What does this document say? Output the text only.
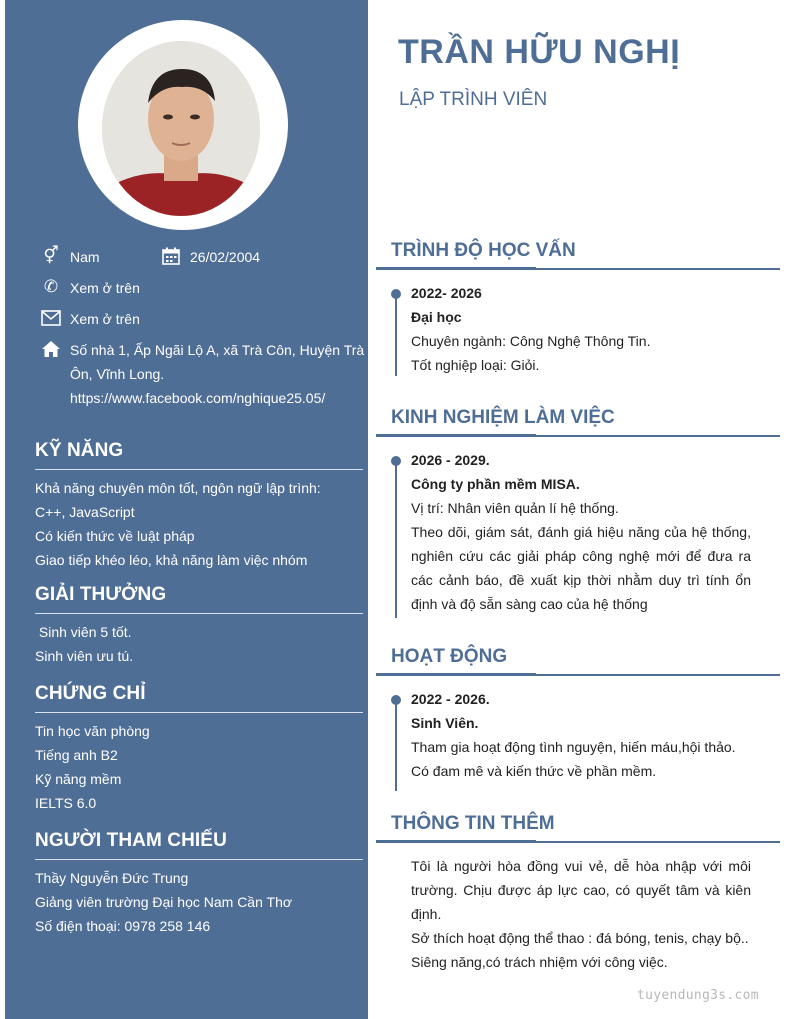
⚥ Nam	26/02/2004
✆ Xem ở trên
Xem ở trên
Số nhà 1, Ấp Ngãi Lộ A, xã Trà Côn, Huyện Trà
Ôn, Vĩnh Long.
https://www.facebook.com/nghique25.05/
KỸ NĂNG
Khả năng chuyên môn tốt, ngôn ngữ lập trình:
C++, JavaScript
Có kiến thức về luật pháp
Giao tiếp khéo léo, khả năng làm việc nhóm
GIẢI THƯỞNG
Sinh viên 5 tốt.
Sinh viên ưu tú.
CHỨNG CHỈ
Tin học văn phòng
Tiếng anh B2
Kỹ năng mềm
IELTS 6.0
NGƯỜI THAM CHIẾU
Thầy Nguyễn Đức Trung
Giảng viên trường Đại học Nam Cần Thơ
Số điện thoại: 0978 258 146
TRẦN HỮU NGHỊ
LẬP TRÌNH VIÊN
TRÌNH ĐỘ HỌC VẤN
2022- 2026
Đại học
Chuyên ngành: Công Nghệ Thông Tin.
Tốt nghiệp loại: Giỏi.
KINH NGHIỆM LÀM VIỆC
2026 - 2029.
Công ty phần mềm MISA.
Vị trí: Nhân viên quản lí hệ thống.
Theo dõi, giám sát, đánh giá hiệu năng của hệ thống, nghiên cứu các giải pháp công nghệ mới để đưa ra các cảnh báo, đề xuất kịp thời nhằm duy trì tính ổn định và độ sẵn sàng cao của hệ thống
HOẠT ĐỘNG
2022 - 2026.
Sinh Viên.
Tham gia hoạt động tình nguyện, hiến máu,hội thảo.
Có đam mê và kiến thức về phần mềm.
THÔNG TIN THÊM
Tôi là người hòa đồng vui vẻ, dễ hòa nhập với môi trường. Chịu được áp lực cao, có quyết tâm và kiên định.
Sở thích hoạt động thể thao : đá bóng, tenis, chạy bộ..
Siêng năng,có trách nhiệm với công việc.
tuyendung3s.com
